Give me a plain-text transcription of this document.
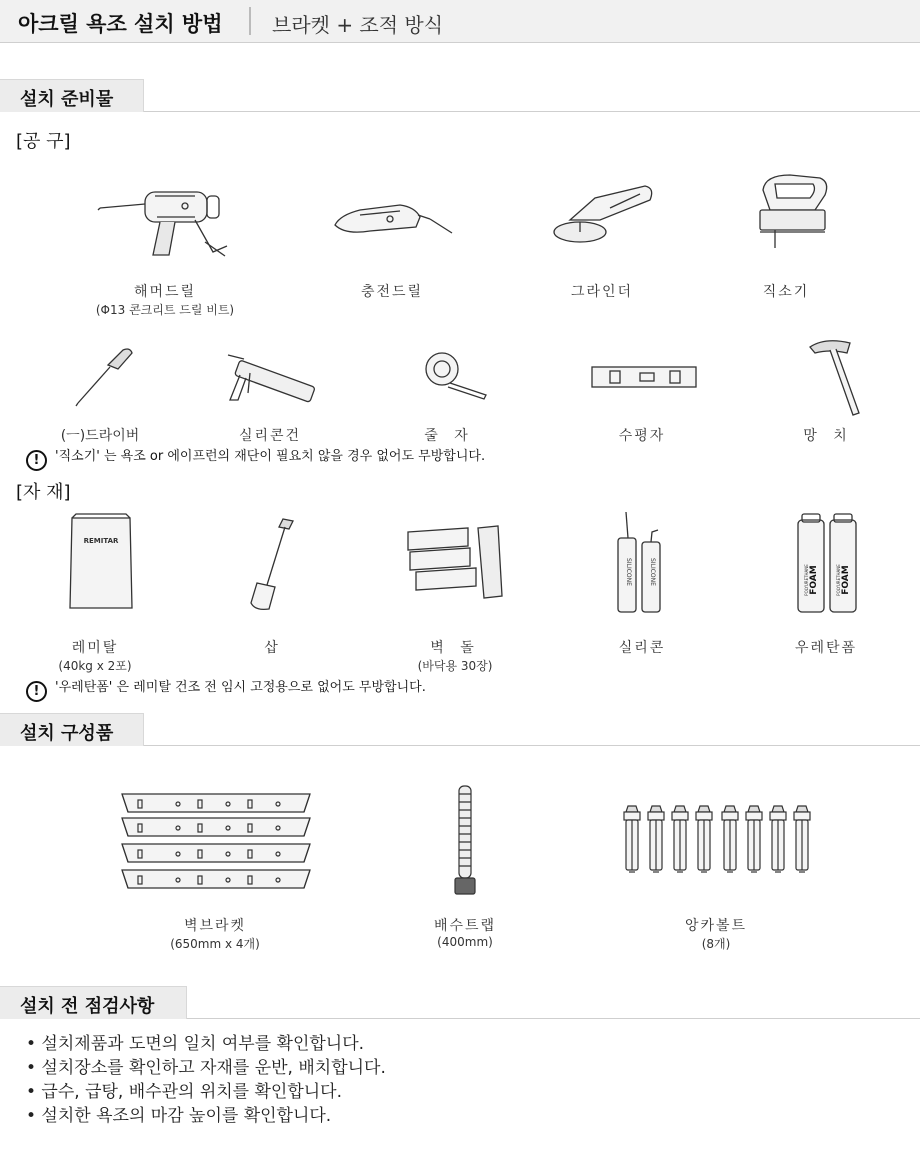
아크릴 욕조 설치 방법 브라켓 + 조적 방식
설치 준비물
[공 구]
해머드릴
(Φ13 콘크리트 드릴 비트)
충전드릴	그라인더	직소기
(ㅡ)드라이버	실리콘건	줄 자	수평자	망 치
! '직소기' 는 욕조 or 에이프런의 재단이 필요치 않을 경우 없어도 무방합니다.
[자 재]
REMITAR
SILICONE	SILICONE	POLYURETHANE FOAM	POLYURETHANE FOAM
레미탈
(40kg x 2포)
삽	벽 돌
(바닥용 30장)
실리콘	우레탄폼
! '우레탄폼' 은 레미탈 건조 전 임시 고정용으로 없어도 무방합니다.
설치 구성품
벽브라켓
(650mm x 4개)
배수트랩
(400mm)
앙카볼트
(8개)
설치 전 점검사항
• 설치제품과 도면의 일치 여부를 확인합니다.
• 설치장소를 확인하고 자재를 운반, 배치합니다.
• 급수, 급탕, 배수관의 위치를 확인합니다.
• 설치한 욕조의 마감 높이를 확인합니다.
